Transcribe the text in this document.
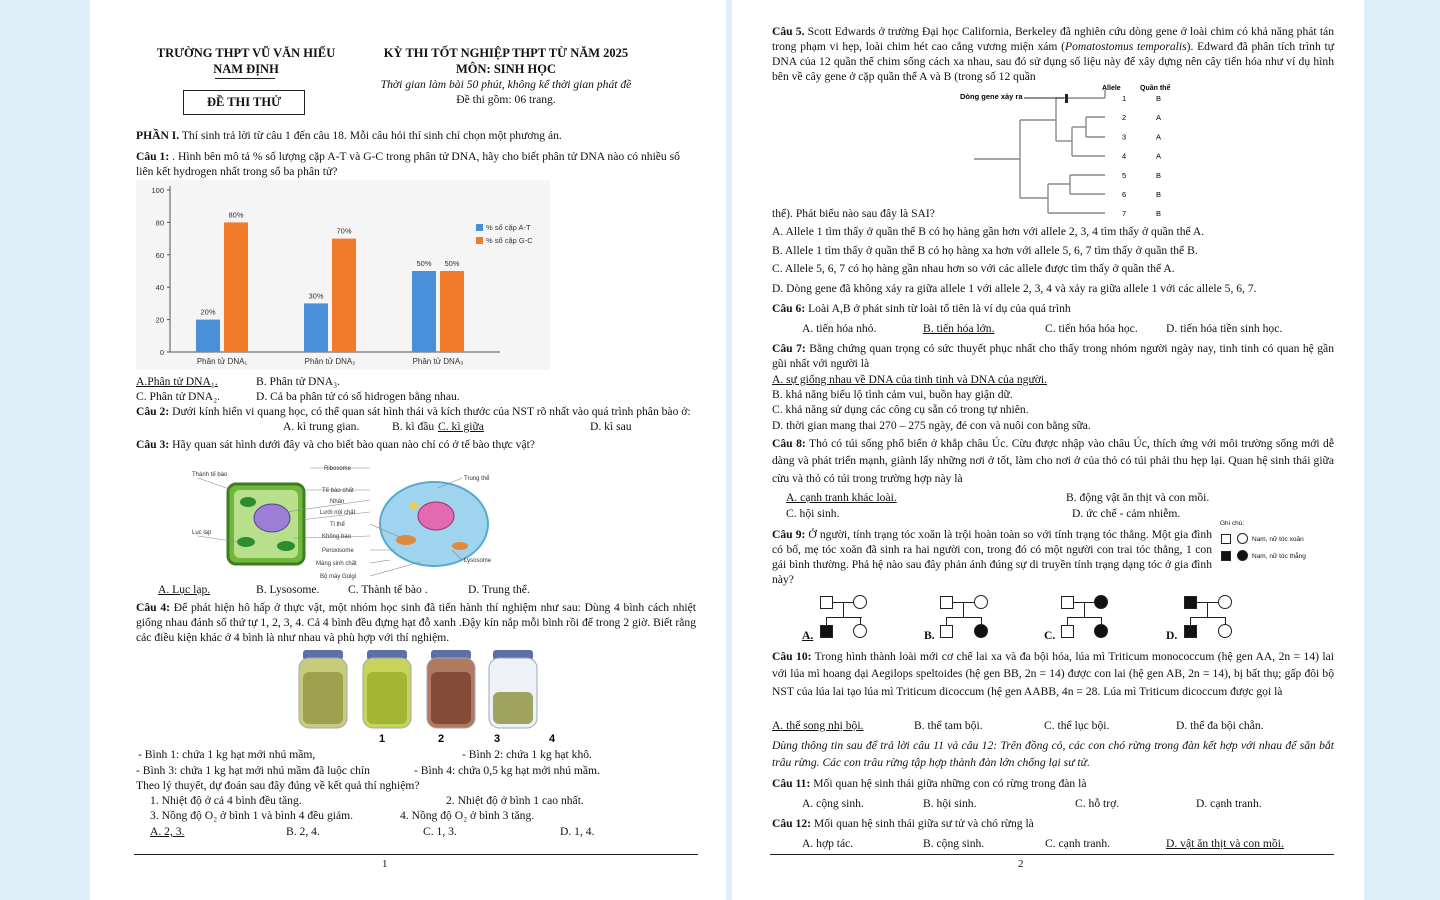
TRƯỜNG THPT VŨ VĂN HIẾU
NAM ĐỊNH
ĐỀ THI THỬ
KỲ THI TỐT NGHIỆP THPT TỪ NĂM 2025
MÔN: SINH HỌC
Thời gian làm bài 50 phút, không kể thời gian phát đề
Đề thi gồm: 06 trang.
PHẦN I. Thí sinh trả lời từ câu 1 đến câu 18. Mỗi câu hỏi thí sinh chỉ chọn một phương án.
Câu 1: . Hình bên mô tả % số lượng cặp A-T và G-C trong phân tử DNA, hãy cho biết phân tử DNA nào có nhiều số liên kết hydrogen nhất trong số ba phân tử?
0
20
40
60
80
100
Phân tử DNA₁	Phân tử DNA₂	Phân tử DNA₃
20%
30%
50%
80%
70%
50%
% số cặp A-T
% số cặp G-C
A.Phân tử DNA₁.	B. Phân tử DNA₃.
C. Phân tử DNA₂.	D. Cả ba phân tử có số hidrogen bằng nhau.
Câu 2: Dưới kính hiển vi quang học, có thể quan sát hình thái và kích thước của NST rõ nhất vào quá trình phân bào ở:
A. kì trung gian.	B. kì đầu C. kì giữa	D. kì sau
Câu 3: Hãy quan sát hình dưới đây và cho biết bào quan nào chỉ có ở tế bào thực vật?
Thành tế bào
Lục lạp
Ribosome
Tế bào chất
Nhân
Lưới nội chất
Ti thể
Không bào
Peroxisome
Màng sinh chất
Bộ máy Golgi
Trung thể
Lysosome
A. Lục lạp.	B. Lysosome. C. Thành tế bào .	D. Trung thể.
Câu 4: Để phát hiện hô hấp ở thực vật, một nhóm học sinh đã tiến hành thí nghiệm như sau: Dùng 4 bình cách nhiệt giống nhau đánh số thứ tự 1, 2, 3, 4. Cả 4 bình đều đựng hạt đỗ xanh .Đậy kín nắp mỗi bình rồi để trong 2 giờ. Biết rằng các điều kiện khác ở 4 bình là như nhau và phù hợp với thí nghiệm.
1	2	3	4
- Bình 1: chứa 1 kg hạt mới nhú mầm,	- Bình 2: chứa 1 kg hạt khô.
- Bình 3: chứa 1 kg hạt mới nhú mầm đã luộc chín	- Bình 4: chứa 0,5 kg hạt mới nhú mầm.
Theo lý thuyết, dự đoán sau đây đúng về kết quả thí nghiệm?
1. Nhiệt độ ở cả 4 bình đều tăng.	2. Nhiệt độ ở bình 1 cao nhất.
3. Nồng độ O₂ ở bình 1 và bình 4 đều giảm.	4. Nồng độ O₂ ở bình 3 tăng.
A. 2, 3.	B. 2, 4.	C. 1, 3.	D. 1, 4.
1
Câu 5. Scott Edwards ở trường Đại học California, Berkeley đã nghiên cứu dòng gene ở loài chim có khả năng phát tán trong phạm vi hẹp, loài chim hét cao cẳng vương miện xám (Pomatostomus temporalis). Edward đã phân tích trình tự DNA của 12 quần thể chim sống cách xa nhau, sau đó sử dụng số liệu này để xây dựng nên cây tiến hóa như ví dụ hình bên về cây gene ở cặp quần thể A và B (trong số 12 quần
Dòng gene xảy ra
Allele	Quần thể
1	B
2	A
3	A
4	A
5	B
6	B
7	B
thể). Phát biểu nào sau đây là SAI?
A. Allele 1 tìm thấy ở quần thể B có họ hàng gần hơn với allele 2, 3, 4 tìm thấy ở quần thể A.
B. Allele 1 tìm thấy ở quần thể B có họ hàng xa hơn với allele 5, 6, 7 tìm thấy ở quần thể B.
C. Allele 5, 6, 7 có họ hàng gần nhau hơn so với các allele được tìm thấy ở quần thể A.
D. Dòng gene đã không xảy ra giữa allele 1 với allele 2, 3, 4 và xảy ra giữa allele 1 với các allele 5, 6, 7.
Câu 6: Loài A,B ở phát sinh từ loài tổ tiên là ví dụ của quá trình
A. tiến hóa nhỏ.	B. tiến hóa lớn.	C. tiến hóa hóa học. D. tiến hóa tiền sinh học.
Câu 7: Bằng chứng quan trọng có sức thuyết phục nhất cho thấy trong nhóm người ngày nay, tinh tinh có quan hệ gần gũi nhất với người là
A. sự giống nhau về DNA của tinh tinh và DNA của người.
B. khả năng biểu lộ tình cảm vui, buồn hay giận dữ.
C. khả năng sử dụng các công cụ sẵn có trong tự nhiên.
D. thời gian mang thai 270 – 275 ngày, đẻ con và nuôi con bằng sữa.
Câu 8: Thỏ có túi sống phổ biến ở khắp châu Úc. Cừu được nhập vào châu Úc, thích ứng với môi trường sống mới dễ dàng và phát triển mạnh, giành lấy những nơi ở tốt, làm cho nơi ở của thỏ có túi phải thu hẹp lại. Quan hệ sinh thái giữa cừu và thỏ có túi trong trường hợp này là
A. cạnh tranh khác loài.	B. động vật ăn thịt và con mồi.
C. hội sinh.	D. ức chế - cảm nhiễm.
Câu 9: Ở người, tính trạng tóc xoăn là trội hoàn toàn so với tính trạng tóc thẳng. Một gia đình có bố, mẹ tóc xoăn đã sinh ra hai người con, trong đó có một người con trai tóc thẳng, 1 con gái bình thường. Phả hệ nào sau đây phản ánh đúng sự di truyền tính trạng dạng tóc ở gia đình này?
Ghi chú:
Nam, nữ tóc xoăn
Nam, nữ tóc thẳng
A.	B.	C.	D.
Câu 10: Trong hình thành loài mới cơ chế lai xa và đa bội hóa, lúa mì Triticum monococcum (hệ gen AA, 2n = 14) lai với lúa mì hoang dại Aegilops speltoides (hệ gen BB, 2n = 14) được con lai (hệ gen AB, 2n = 14), bị bất thụ; gấp đôi bộ NST của lúa lai tạo lúa mì Triticum dicoccum (hệ gen AABB, 4n = 28. Lúa mì Triticum dicoccum được gọi là
A. thể song nhị bội.	B. thể tam bội.	C. thể lục bội.	D. thể đa bội chẵn.
Dùng thông tin sau để trả lời câu 11 và câu 12: Trên đồng cỏ, các con chó rừng trong đàn kết hợp với nhau để săn bắt trâu rừng. Các con trâu rừng tập hợp thành đàn lớn chống lại sư tử.
Câu 11: Mối quan hệ sinh thái giữa những con có rừng trong đàn là
A. cộng sinh.	B. hội sinh.	C. hỗ trợ.	D. cạnh tranh.
Câu 12: Mối quan hệ sinh thái giữa sư tử và chó rừng là
A. hợp tác.	B. cộng sinh.	C. cạnh tranh.	D. vật ăn thịt và con mồi.
2
